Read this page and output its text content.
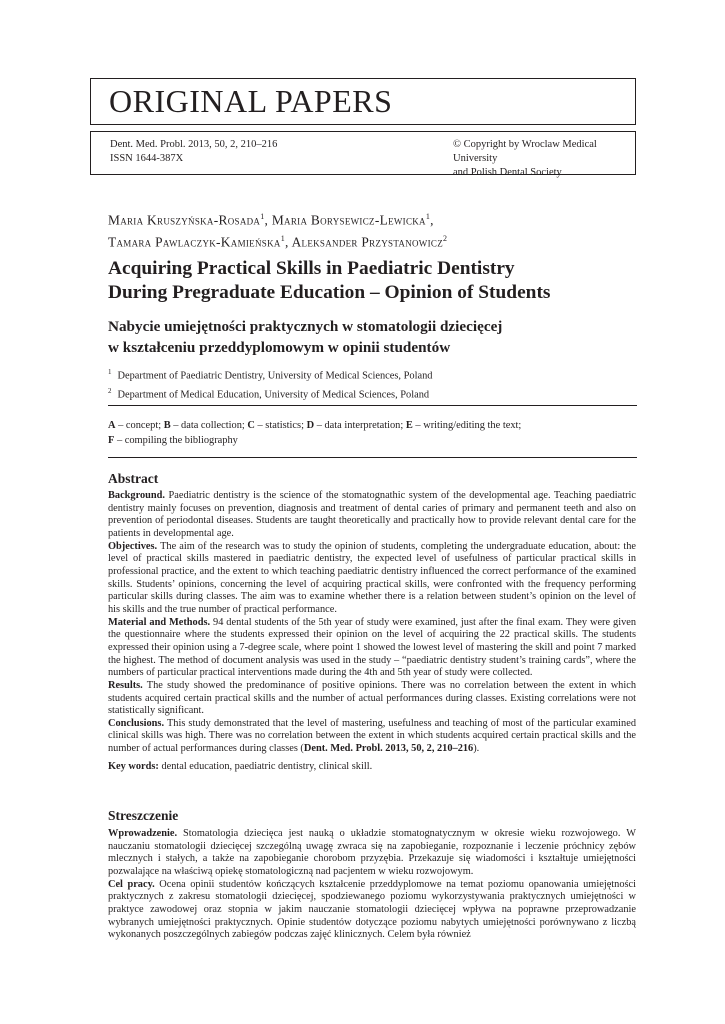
ORIGINAL PAPERS
Dent. Med. Probl. 2013, 50, 2, 210–216
ISSN 1644-387X
© Copyright by Wroclaw Medical University
and Polish Dental Society
Maria Kruszyńska-Rosada$^1$, Maria Borysewicz-Lewicka$^1$,
Tamara Pawlaczyk-Kamieńska$^1$, Aleksander Przystanowicz$^2$
Acquiring Practical Skills in Paediatric Dentistry
During Pregraduate Education – Opinion of Students
Nabycie umiejętności praktycznych w stomatologii dziecięcej
w kształceniu przeddyplomowym w opinii studentów
$^1$ Department of Paediatric Dentistry, University of Medical Sciences, Poland
$^2$ Department of Medical Education, University of Medical Sciences, Poland
A – concept; B – data collection; C – statistics; D – data interpretation; E – writing/editing the text;
F – compiling the bibliography
Abstract

Background. Paediatric dentistry is the science of the stomatognathic system of the developmental age. Teaching paediatric dentistry mainly focuses on prevention, diagnosis and treatment of dental caries of primary and permanent teeth and also on prevention of periodontal diseases. Students are taught theoretically and practically how to provide relevant dental care for the patients in developmental age.

Objectives. The aim of the research was to study the opinion of students, completing the undergraduate education, about: the level of practical skills mastered in paediatric dentistry, the expected level of usefulness of particular practical skills in professional practice, and the extent to which teaching paediatric dentistry influenced the correct performance of the examined skills. Students’ opinions, concerning the level of acquiring practical skills, were confronted with the frequency performing particular skills during classes. The aim was to examine whether there is a relation between student’s opinion on the level of his skills and the true number of practical performance.

Material and Methods. 94 dental students of the 5th year of study were examined, just after the final exam. They were given the questionnaire where the students expressed their opinion on the level of acquiring the 22 practical skills. The students expressed their opinion using a 7-degree scale, where point 1 showed the lowest level of mastering the skill and point 7 marked the highest. The method of document analysis was used in the study – “paediatric dentistry student’s training cards”, where the numbers of particular practical interventions made during the 4th and 5th year of study were collected.

Results. The study showed the predominance of positive opinions. There was no correlation between the extent in which students acquired certain practical skills and the number of actual performances during classes. Existing correlations were not statistically significant.

Conclusions. This study demonstrated that the level of mastering, usefulness and teaching of most of the particular examined clinical skills was high. There was no correlation between the extent in which students acquired certain practical skills and the number of actual performances during classes (Dent. Med. Probl. 2013, 50, 2, 210–216).

Key words: dental education, paediatric dentistry, clinical skill.

Streszczenie

Wprowadzenie. Stomatologia dziecięca jest nauką o układzie stomatognatycznym w okresie wieku rozwojowego. W nauczaniu stomatologii dziecięcej szczególną uwagę zwraca się na zapobieganie, rozpoznanie i leczenie próchnicy zębów mlecznych i stałych, a także na zapobieganie chorobom przyzębia. Przekazuje się wiadomości i kształtuje umiejętności pozwalające na właściwą opiekę stomatologiczną nad pacjentem w wieku rozwojowym.

Cel pracy. Ocena opinii studentów kończących kształcenie przeddyplomowe na temat poziomu opanowania umiejętności praktycznych z zakresu stomatologii dziecięcej, spodziewanego poziomu wykorzystywania praktycznych umiejętności w praktyce zawodowej oraz stopnia w jakim nauczanie stomatologii dziecięcej wpływa na poprawne przeprowadzanie wybranych umiejętności praktycznych. Opinie studentów dotyczące poziomu nabytych umiejętności porównywano z liczbą wykonanych poszczególnych zabiegów podczas zajęć klinicznych. Celem była również
